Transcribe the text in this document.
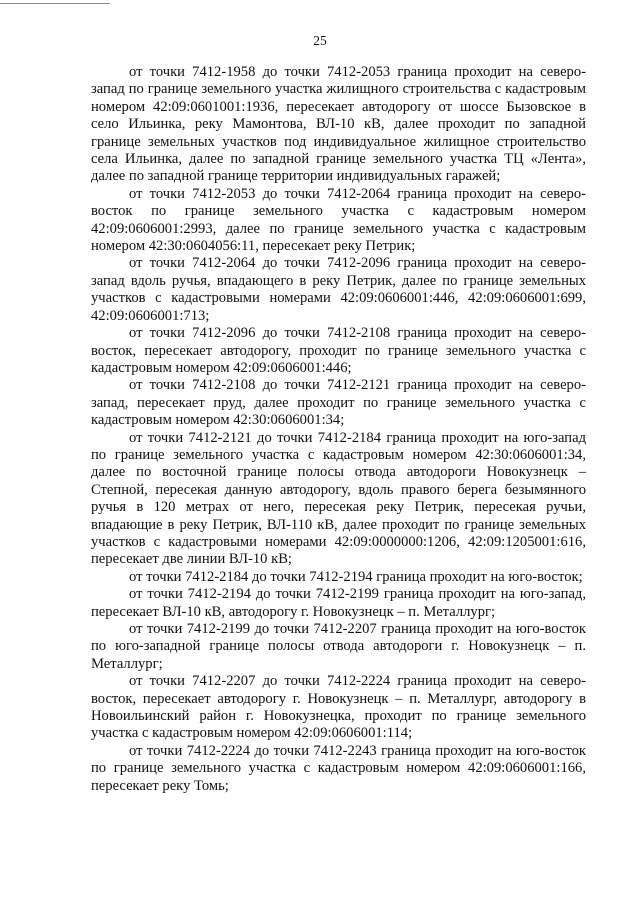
25

от точки 7412-1958 до точки 7412-2053 граница проходит на северо-запад по границе земельного участка жилищного строительства с кадастровым номером 42:09:0601001:1936, пересекает автодорогу от шоссе Бызовское в село Ильинка, реку Мамонтова, ВЛ-10 кВ, далее проходит по западной границе земельных участков под индивидуальное жилищное строительство села Ильинка, далее по западной границе земельного участка ТЦ «Лента», далее по западной границе территории индивидуальных гаражей;

от точки 7412-2053 до точки 7412-2064 граница проходит на северо-восток по границе земельного участка с кадастровым номером 42:09:0606001:2993, далее по границе земельного участка с кадастровым номером 42:30:0604056:11, пересекает реку Петрик;

от точки 7412-2064 до точки 7412-2096 граница проходит на северо-запад вдоль ручья, впадающего в реку Петрик, далее по границе земельных участков с кадастровыми номерами 42:09:0606001:446, 42:09:0606001:699, 42:09:0606001:713;

от точки 7412-2096 до точки 7412-2108 граница проходит на северо-восток, пересекает автодорогу, проходит по границе земельного участка с кадастровым номером 42:09:0606001:446;

от точки 7412-2108 до точки 7412-2121 граница проходит на северо-запад, пересекает пруд, далее проходит по границе земельного участка с кадастровым номером 42:30:0606001:34;

от точки 7412-2121 до точки 7412-2184 граница проходит на юго-запад по границе земельного участка с кадастровым номером 42:30:0606001:34, далее по восточной границе полосы отвода автодороги Новокузнецк – Степной, пересекая данную автодорогу, вдоль правого берега безымянного ручья в 120 метрах от него, пересекая реку Петрик, пересекая ручьи, впадающие в реку Петрик, ВЛ-110 кВ, далее проходит по границе земельных участков с кадастровыми номерами 42:09:0000000:1206, 42:09:1205001:616, пересекает две линии ВЛ-10 кВ;

от точки 7412-2184 до точки 7412-2194 граница проходит на юго-восток;

от точки 7412-2194 до точки 7412-2199 граница проходит на юго-запад, пересекает ВЛ-10 кВ, автодорогу г. Новокузнецк – п. Металлург;

от точки 7412-2199 до точки 7412-2207 граница проходит на юго-восток по юго-западной границе полосы отвода автодороги г. Новокузнецк – п. Металлург;

от точки 7412-2207 до точки 7412-2224 граница проходит на северо-восток, пересекает автодорогу г. Новокузнецк – п. Металлург, автодорогу в Новоильинский район г. Новокузнецка, проходит по границе земельного участка с кадастровым номером 42:09:0606001:114;

от точки 7412-2224 до точки 7412-2243 граница проходит на юго-восток по границе земельного участка с кадастровым номером 42:09:0606001:166, пересекает реку Томь;
